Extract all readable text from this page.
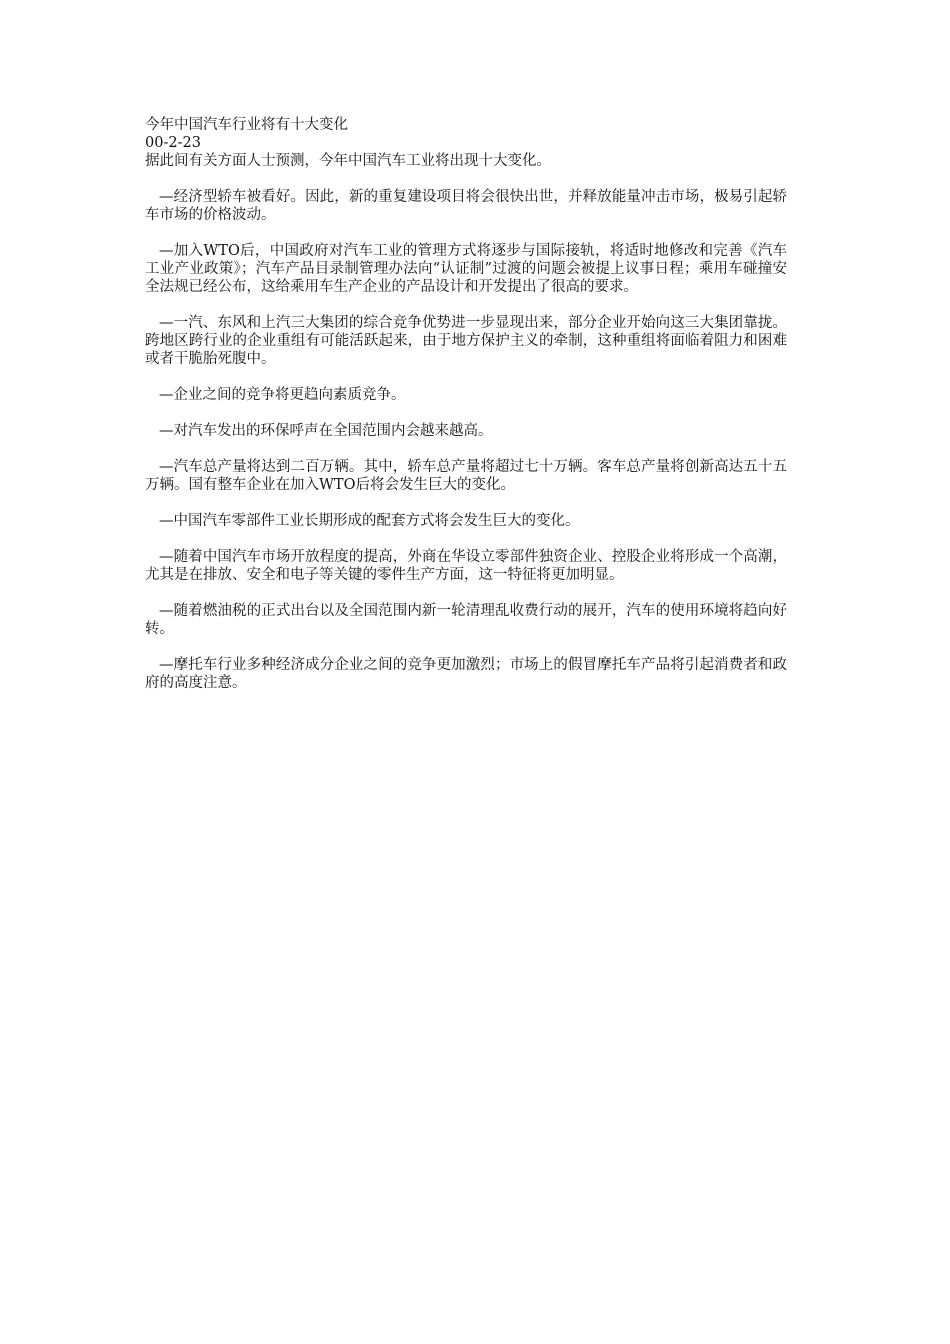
今年中国汽车行业将有十大变化

00-2-23

据此间有关方面人士预测，今年中国汽车工业将出现十大变化。

—经济型轿车被看好。因此，新的重复建设项目将会很快出世，并释放能量冲击市场，极易引起轿车市场的价格波动。

—加入WTO后，中国政府对汽车工业的管理方式将逐步与国际接轨，将适时地修改和完善《汽车工业产业政策》；汽车产品目录制管理办法向“认证制”过渡的问题会被提上议事日程；乘用车碰撞安全法规已经公布，这给乘用车生产企业的产品设计和开发提出了很高的要求。

—一汽、东风和上汽三大集团的综合竞争优势进一步显现出来，部分企业开始向这三大集团靠拢。跨地区跨行业的企业重组有可能活跃起来，由于地方保护主义的牵制，这种重组将面临着阻力和困难或者干脆胎死腹中。

—企业之间的竞争将更趋向素质竞争。

—对汽车发出的环保呼声在全国范围内会越来越高。

—汽车总产量将达到二百万辆。其中，轿车总产量将超过七十万辆。客车总产量将创新高达五十五万辆。国有整车企业在加入WTO后将会发生巨大的变化。

—中国汽车零部件工业长期形成的配套方式将会发生巨大的变化。

—随着中国汽车市场开放程度的提高，外商在华设立零部件独资企业、控股企业将形成一个高潮，尤其是在排放、安全和电子等关键的零件生产方面，这一特征将更加明显。

—随着燃油税的正式出台以及全国范围内新一轮清理乱收费行动的展开，汽车的使用环境将趋向好转。

—摩托车行业多种经济成分企业之间的竞争更加激烈；市场上的假冒摩托车产品将引起消费者和政府的高度注意。
